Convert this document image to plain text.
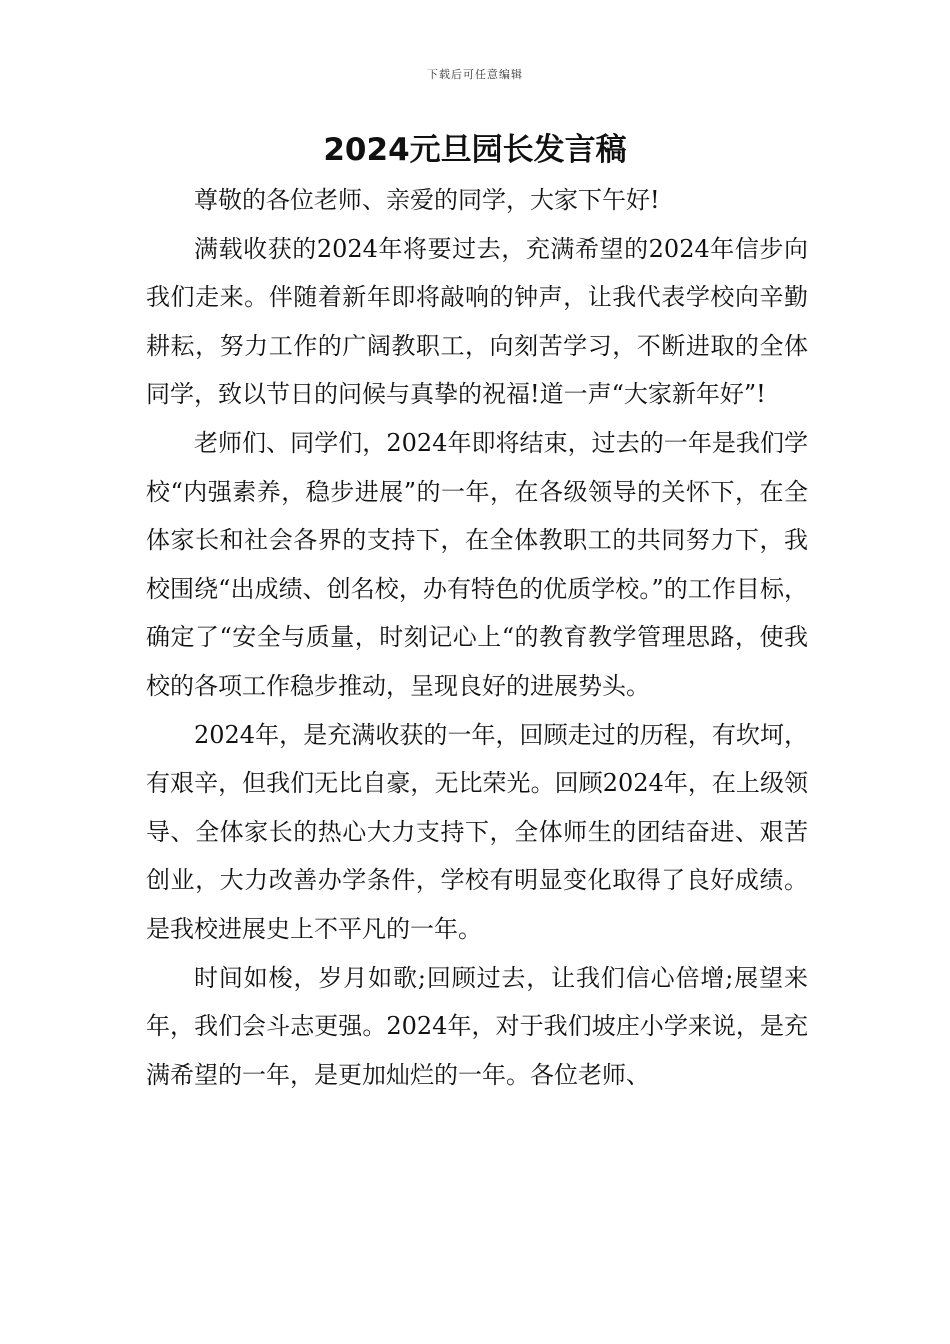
下载后可任意编辑
2024元旦园长发言稿

尊敬的各位老师、亲爱的同学，大家下午好!

满载收获的2024年将要过去，充满希望的2024年信步向我们走来。伴随着新年即将敲响的钟声，让我代表学校向辛勤耕耘，努力工作的广阔教职工，向刻苦学习，不断进取的全体同学，致以节日的问候与真挚的祝福!道一声“大家新年好”!

老师们、同学们，2024年即将结束，过去的一年是我们学校“内强素养，稳步进展”的一年，在各级领导的关怀下，在全体家长和社会各界的支持下，在全体教职工的共同努力下，我校围绕“出成绩、创名校，办有特色的优质学校。”的工作目标，确定了“安全与质量，时刻记心上“的教育教学管理思路，使我校的各项工作稳步推动，呈现良好的进展势头。

2024年，是充满收获的一年，回顾走过的历程，有坎坷，有艰辛，但我们无比自豪，无比荣光。回顾2024年，在上级领导、全体家长的热心大力支持下，全体师生的团结奋进、艰苦创业，大力改善办学条件，学校有明显变化取得了良好成绩。是我校进展史上不平凡的一年。

时间如梭，岁月如歌;回顾过去，让我们信心倍增;展望来年，我们会斗志更强。2024年，对于我们坡庄小学来说，是充满希望的一年，是更加灿烂的一年。各位老师、
